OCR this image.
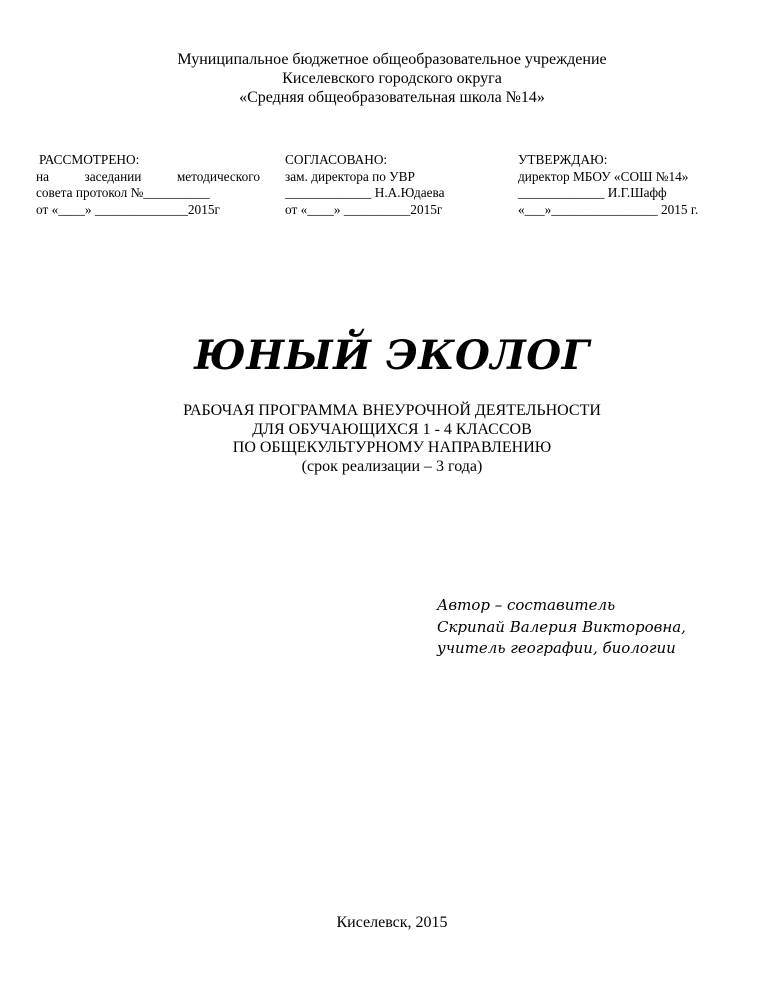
Муниципальное бюджетное общеобразовательное учреждение
Киселевского городского округа
«Средняя общеобразовательная школа №14»
РАССМОТРЕНО:
на заседании методического
совета протокол №__________
от «____» ______________2015г
СОГЛАСОВАНО:
зам. директора по УВР
_____________ Н.А.Юдаева
от «____» __________2015г
УТВЕРЖДАЮ:
директор МБОУ «СОШ №14»
_____________ И.Г.Шафф
«___»________________ 2015 г.
ЮНЫЙ ЭКОЛОГ
РАБОЧАЯ ПРОГРАММА ВНЕУРОЧНОЙ ДЕЯТЕЛЬНОСТИ
ДЛЯ ОБУЧАЮЩИХСЯ 1 - 4 КЛАССОВ
ПО ОБЩЕКУЛЬТУРНОМУ НАПРАВЛЕНИЮ
(срок реализации – 3 года)
Автор – составитель
Скрипай Валерия Викторовна,
учитель географии, биологии
Киселевск, 2015
